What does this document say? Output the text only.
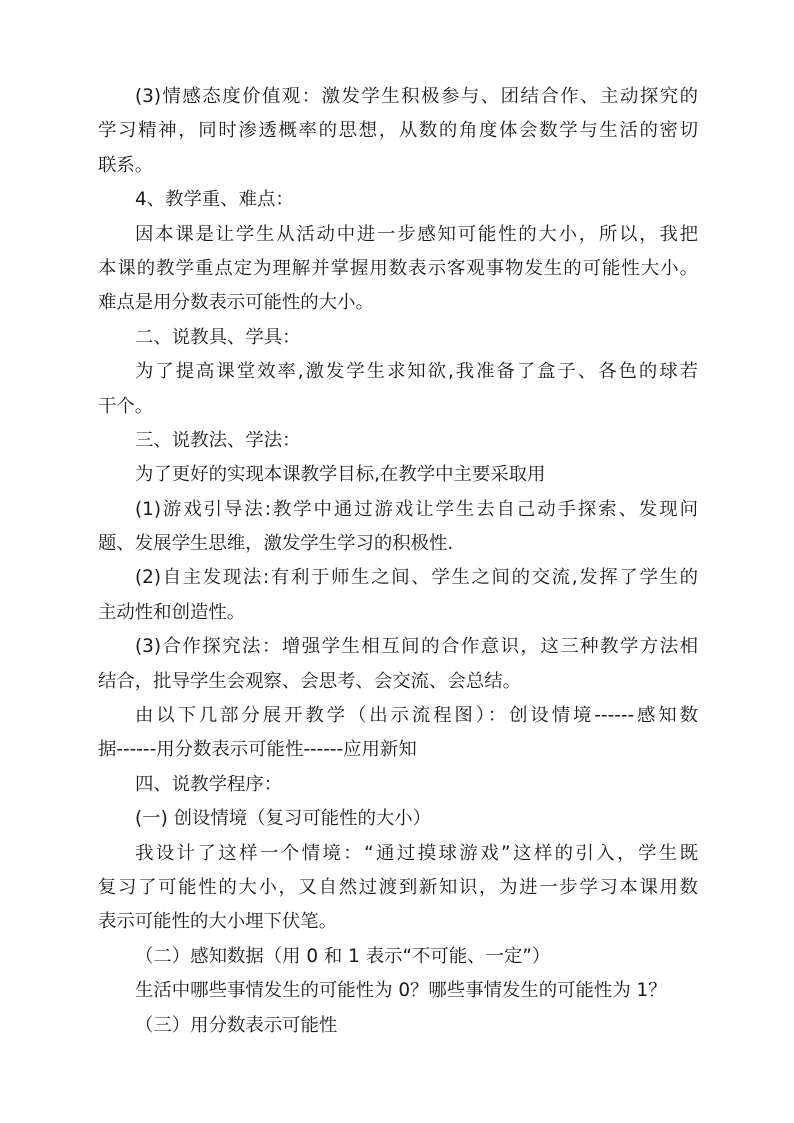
(3)情感态度价值观：激发学生积极参与、团结合作、主动探究的
学习精神，同时渗透概率的思想，从数的角度体会数学与生活的密切
联系。
4、教学重、难点：
因本课是让学生从活动中进一步感知可能性的大小，所以，我把
本课的教学重点定为理解并掌握用数表示客观事物发生的可能性大小。
难点是用分数表示可能性的大小。
二、说教具、学具：
为了提高课堂效率,激发学生求知欲,我准备了盒子、各色的球若
干个。
三、说教法、学法：
为了更好的实现本课教学目标,在教学中主要采取用
(1)游戏引导法:教学中通过游戏让学生去自己动手探索、发现问
题、发展学生思维，激发学生学习的积极性.
(2)自主发现法:有利于师生之间、学生之间的交流,发挥了学生的
主动性和创造性。
(3)合作探究法：增强学生相互间的合作意识，这三种教学方法相
结合，批导学生会观察、会思考、会交流、会总结。
由以下几部分展开教学（出示流程图）：创设情境------感知数
据------用分数表示可能性------应用新知
四、说教学程序：
(一) 创设情境（复习可能性的大小）
我设计了这样一个情境：“通过摸球游戏”这样的引入，学生既
复习了可能性的大小，又自然过渡到新知识，为进一步学习本课用数
表示可能性的大小埋下伏笔。
（二）感知数据（用 0 和 1 表示“不可能、一定”）
生活中哪些事情发生的可能性为 0？哪些事情发生的可能性为 1？
（三）用分数表示可能性
